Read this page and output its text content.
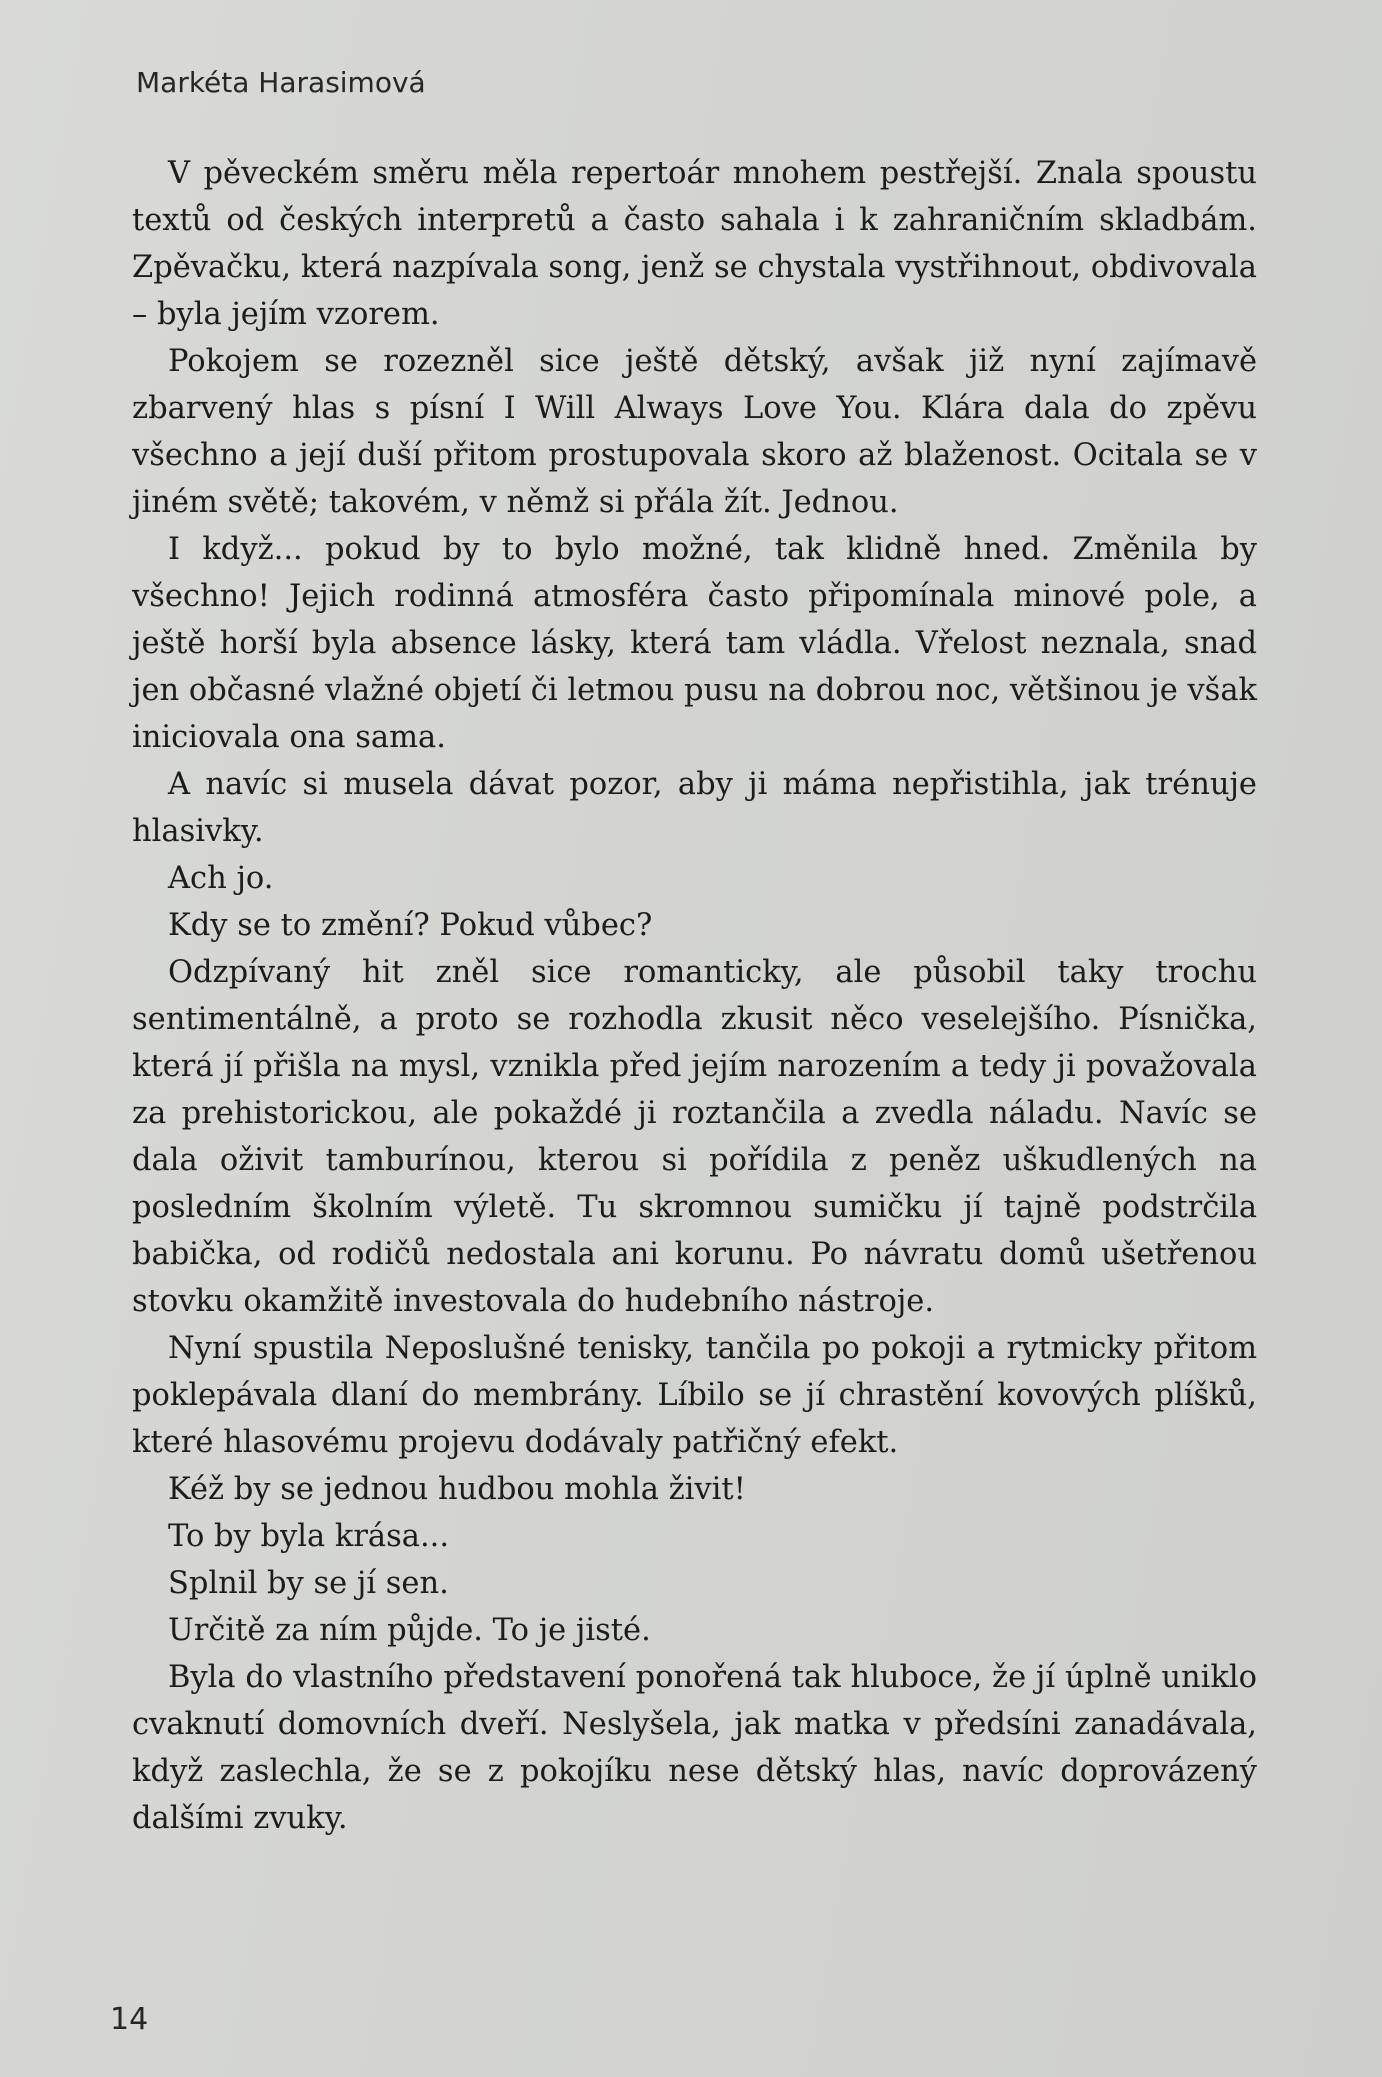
Markéta Harasimová

V pěveckém směru měla repertoár mnohem pestřejší. Znala spoustu textů od českých interpretů a často sahala i k zahraničním skladbám. Zpěvačku, která nazpívala song, jenž se chystala vystřihnout, obdivovala – byla jejím vzorem.

Pokojem se rozezněl sice ještě dětský, avšak již nyní zajímavě zbarvený hlas s písní I Will Always Love You. Klára dala do zpěvu všechno a její duší přitom prostupovala skoro až blaženost. Ocitala se v jiném světě; takovém, v němž si přála žít. Jednou.

I když... pokud by to bylo možné, tak klidně hned. Změnila by všechno! Jejich rodinná atmosféra často připomínala minové pole, a ještě horší byla absence lásky, která tam vládla. Vřelost neznala, snad jen občasné vlažné objetí či letmou pusu na dobrou noc, většinou je však iniciovala ona sama.

A navíc si musela dávat pozor, aby ji máma nepřistihla, jak trénuje hlasivky.

Ach jo.

Kdy se to změní? Pokud vůbec?

Odzpívaný hit zněl sice romanticky, ale působil taky trochu sentimentálně, a proto se rozhodla zkusit něco veselejšího. Písnička, která jí přišla na mysl, vznikla před jejím narozením a tedy ji považovala za prehistorickou, ale pokaždé ji roztančila a zvedla náladu. Navíc se dala oživit tamburínou, kterou si pořídila z peněz uškudlených na posledním školním výletě. Tu skromnou sumičku jí tajně podstrčila babička, od rodičů nedostala ani korunu. Po návratu domů ušetřenou stovku okamžitě investovala do hudebního nástroje.

Nyní spustila Neposlušné tenisky, tančila po pokoji a rytmicky přitom poklepávala dlaní do membrány. Líbilo se jí chrastění kovových plíšků, které hlasovému projevu dodávaly patřičný efekt.

Kéž by se jednou hudbou mohla živit!

To by byla krása...

Splnil by se jí sen.

Určitě za ním půjde. To je jisté.

Byla do vlastního představení ponořená tak hluboce, že jí úplně uniklo cvaknutí domovních dveří. Neslyšela, jak matka v předsíni zanadávala, když zaslechla, že se z pokojíku nese dětský hlas, navíc doprovázený dalšími zvuky.

14
